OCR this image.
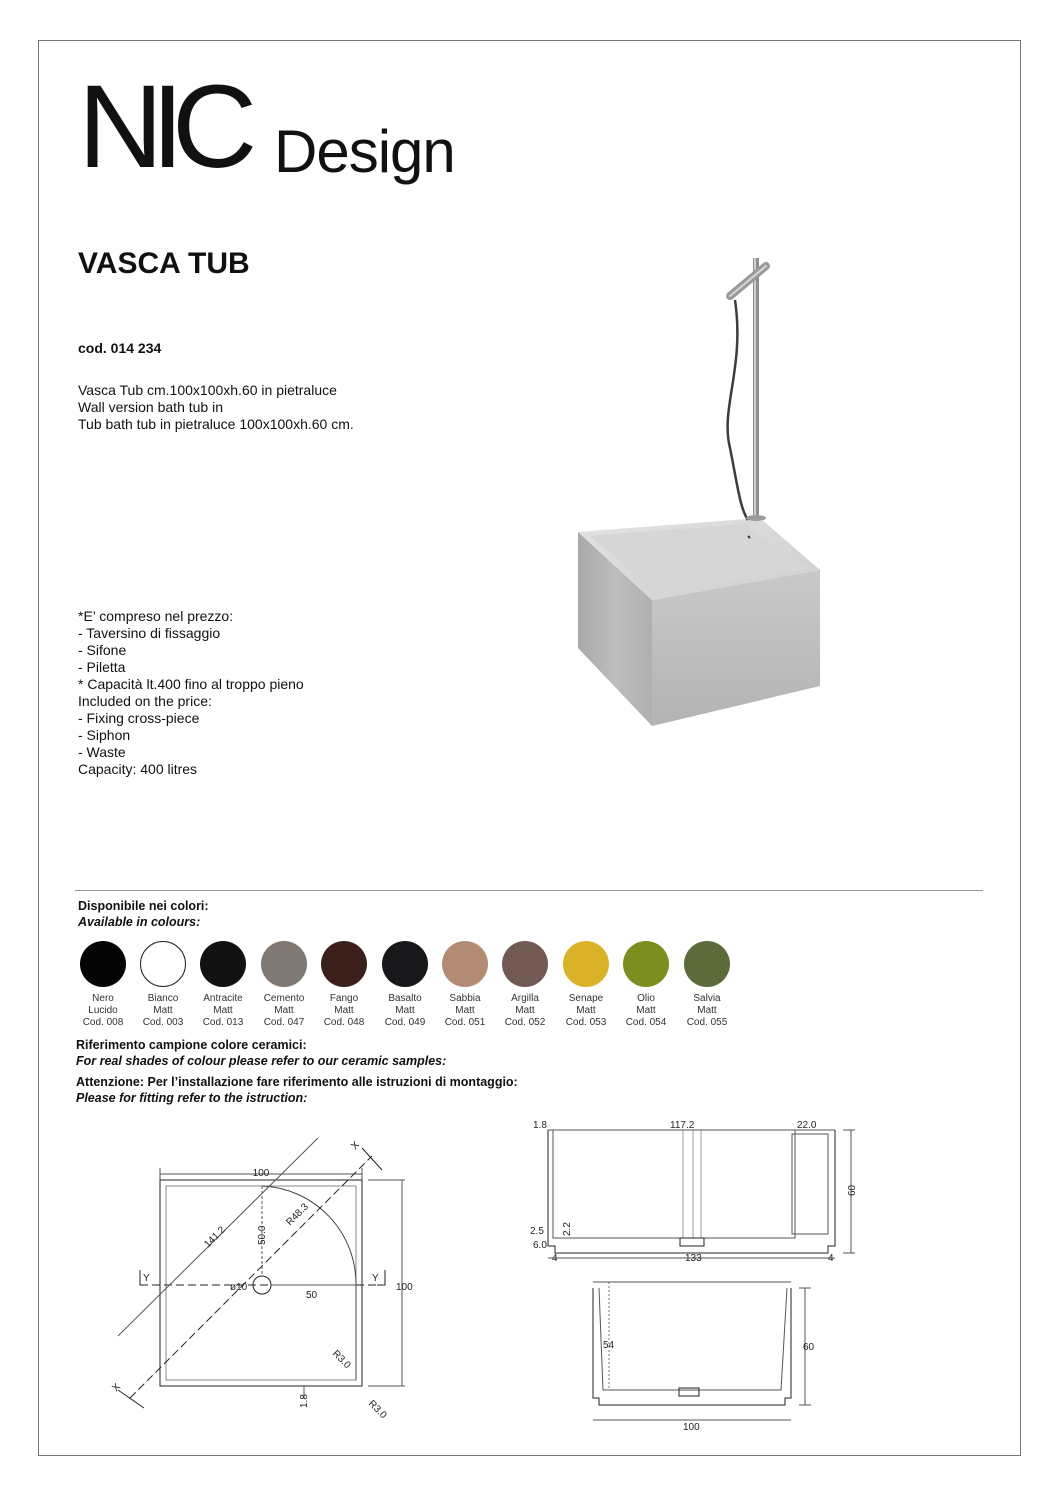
NIC Design
VASCA TUB
cod. 014 234
Vasca Tub cm.100x100xh.60 in pietraluce
Wall version bath tub in
Tub bath tub in pietraluce 100x100xh.60 cm.
*E’ compreso nel prezzo:
- Taversino di fissaggio
- Sifone
- Piletta
* Capacità lt.400 fino al troppo pieno
Included on the price:
- Fixing cross-piece
- Siphon
- Waste
Capacity: 400 litres
Disponibile nei colori:
Available in colours:
Nero
Lucido
Cod. 008
Bianco
Matt
Cod. 003
Antracite
Matt
Cod. 013
Cemento
Matt
Cod. 047
Fango
Matt
Cod. 048
Basalto
Matt
Cod. 049
Sabbia
Matt
Cod. 051
Argilla
Matt
Cod. 052
Senape
Matt
Cod. 053
Olio
Matt
Cod. 054
Salvia
Matt
Cod. 055
Riferimento campione colore ceramici:
For real shades of colour please refer to our ceramic samples:
Attenzione: Per l’installazione fare riferimento alle istruzioni di montaggio:
Please for fitting refer to the istruction:
100
100
141.2
R48.3
50.0
50
ø10
1.8
R3.0
R3.0
Y	Y
X
X
1.8	117.2	22.0
60
2.5
6.0
2.2
133
4	4
54	60
100
